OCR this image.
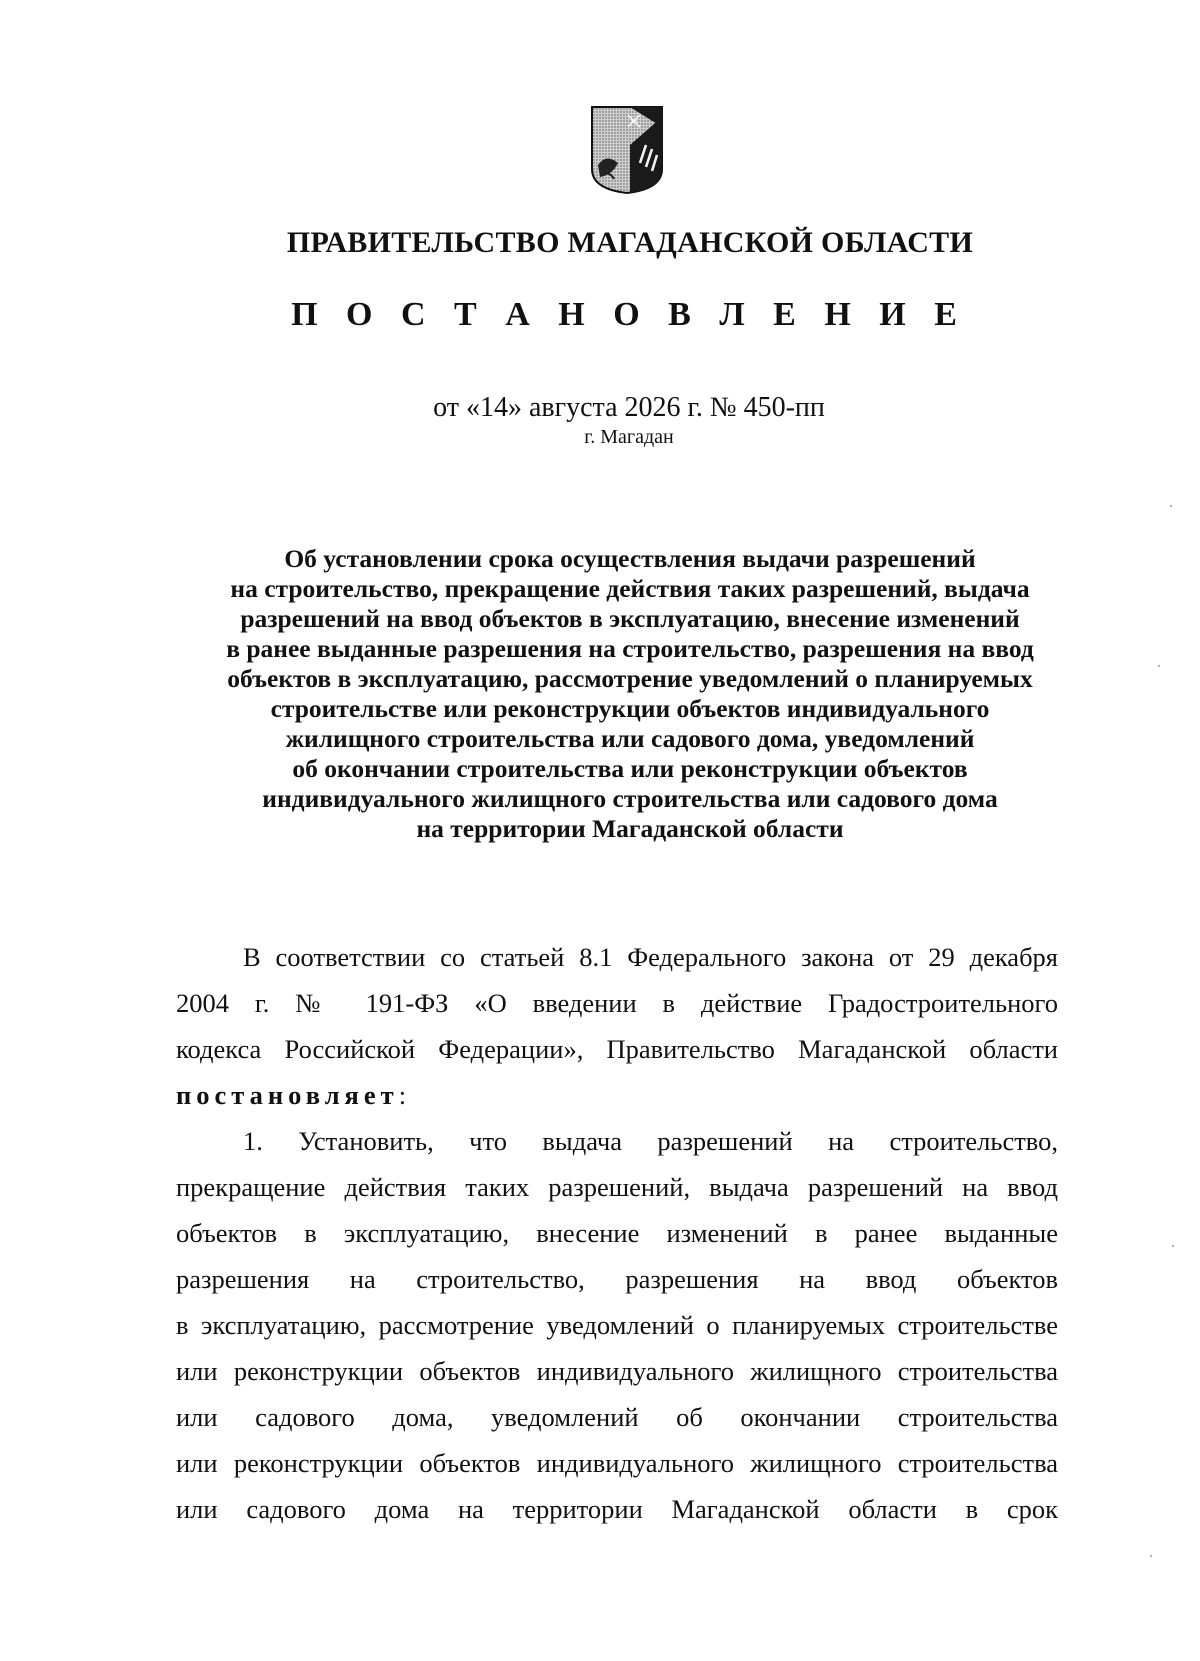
ПРАВИТЕЛЬСТВО МАГАДАНСКОЙ ОБЛАСТИ
П О С Т А Н О В Л Е Н И Е
от «14» августа 2026 г. № 450-пп
г. Магадан
Об установлении срока осуществления выдачи разрешений
на строительство, прекращение действия таких разрешений, выдача
разрешений на ввод объектов в эксплуатацию, внесение изменений
в ранее выданные разрешения на строительство, разрешения на ввод
объектов в эксплуатацию, рассмотрение уведомлений о планируемых
строительстве или реконструкции объектов индивидуального
жилищного строительства или садового дома, уведомлений
об окончании строительства или реконструкции объектов
индивидуального жилищного строительства или садового дома
на территории Магаданской области
В соответствии со статьей 8.1 Федерального закона от 29 декабря
2004 г. № 191-ФЗ «О введении в действие Градостроительного
кодекса Российской Федерации», Правительство Магаданской области
постановляет:
1. Установить, что выдача разрешений на строительство,
прекращение действия таких разрешений, выдача разрешений на ввод
объектов в эксплуатацию, внесение изменений в ранее выданные
разрешения на строительство, разрешения на ввод объектов
в эксплуатацию, рассмотрение уведомлений о планируемых строительстве
или реконструкции объектов индивидуального жилищного строительства
или садового дома, уведомлений об окончании строительства
или реконструкции объектов индивидуального жилищного строительства
или садового дома на территории Магаданской области в срок
